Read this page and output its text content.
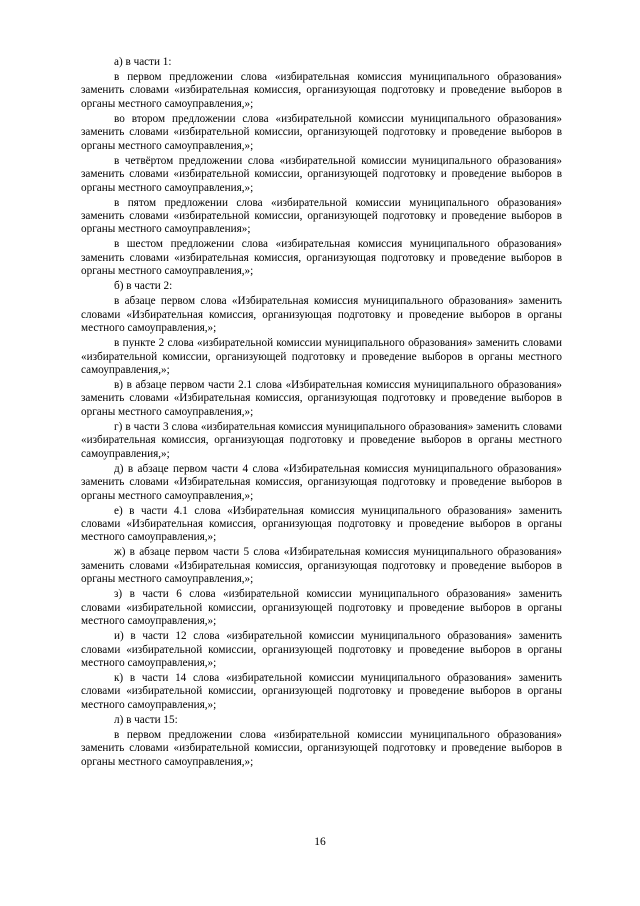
а) в части 1:

в первом предложении слова «избирательная комиссия муниципального образования» заменить словами «избирательная комиссия, организующая подготовку и проведение выборов в органы местного самоуправления,»;

во втором предложении слова «избирательной комиссии муниципального образования» заменить словами «избирательной комиссии, организующей подготовку и проведение выборов в органы местного самоуправления,»;

в четвёртом предложении слова «избирательной комиссии муниципального образования» заменить словами «избирательной комиссии, организующей подготовку и проведение выборов в органы местного самоуправления,»;

в пятом предложении слова «избирательной комиссии муниципального образования» заменить словами «избирательной комиссии, организующей подготовку и проведение выборов в органы местного самоуправления»;

в шестом предложении слова «избирательная комиссия муниципального образования» заменить словами «избирательная комиссия, организующая подготовку и проведение выборов в органы местного самоуправления,»;

б) в части 2:

в абзаце первом слова «Избирательная комиссия муниципального образования» заменить словами «Избирательная комиссия, организующая подготовку и проведение выборов в органы местного самоуправления,»;

в пункте 2 слова «избирательной комиссии муниципального образования» заменить словами «избирательной комиссии, организующей подготовку и проведение выборов в органы местного самоуправления,»;

в) в абзаце первом части 2.1 слова «Избирательная комиссия муниципального образования» заменить словами «Избирательная комиссия, организующая подготовку и проведение выборов в органы местного самоуправления,»;

г) в части 3 слова «избирательная комиссия муниципального образования» заменить словами «избирательная комиссия, организующая подготовку и проведение выборов в органы местного самоуправления,»;

д) в абзаце первом части 4 слова «Избирательная комиссия муниципального образования» заменить словами «Избирательная комиссия, организующая подготовку и проведение выборов в органы местного самоуправления,»;

е) в части 4.1 слова «Избирательная комиссия муниципального образования» заменить словами «Избирательная комиссия, организующая подготовку и проведение выборов в органы местного самоуправления,»;

ж) в абзаце первом части 5 слова «Избирательная комиссия муниципального образования» заменить словами «Избирательная комиссия, организующая подготовку и проведение выборов в органы местного самоуправления,»;

з) в части 6 слова «избирательной комиссии муниципального образования» заменить словами «избирательной комиссии, организующей подготовку и проведение выборов в органы местного самоуправления,»;

и) в части 12 слова «избирательной комиссии муниципального образования» заменить словами «избирательной комиссии, организующей подготовку и проведение выборов в органы местного самоуправления,»;

к) в части 14 слова «избирательной комиссии муниципального образования» заменить словами «избирательной комиссии, организующей подготовку и проведение выборов в органы местного самоуправления,»;

л) в части 15:

в первом предложении слова «избирательной комиссии муниципального образования» заменить словами «избирательной комиссии, организующей подготовку и проведение выборов в органы местного самоуправления,»;

16
